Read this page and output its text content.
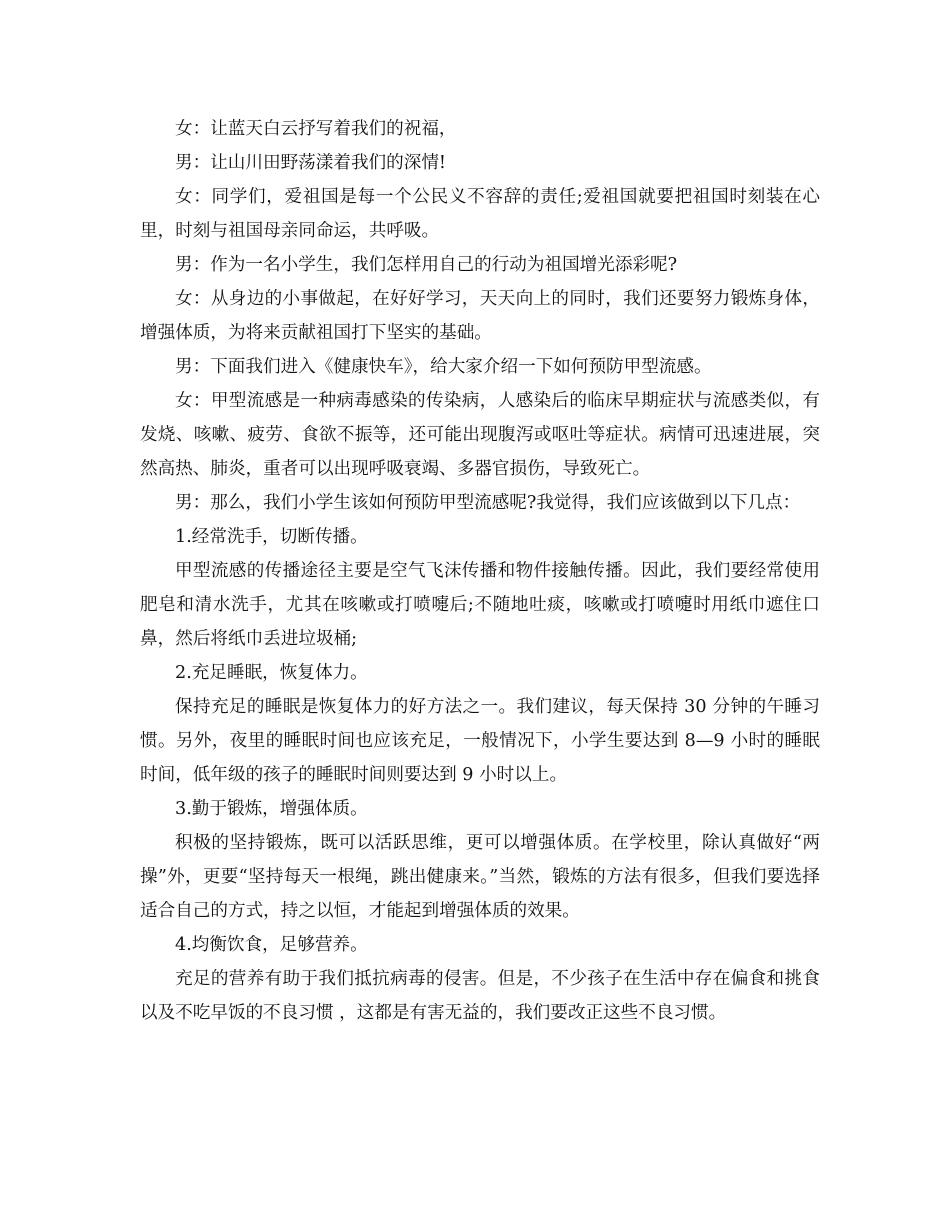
女：让蓝天白云抒写着我们的祝福，

男：让山川田野荡漾着我们的深情!

女：同学们，爱祖国是每一个公民义不容辞的责任;爱祖国就要把祖国时刻装在心里，时刻与祖国母亲同命运，共呼吸。

男：作为一名小学生，我们怎样用自己的行动为祖国增光添彩呢?

女：从身边的小事做起，在好好学习，天天向上的同时，我们还要努力锻炼身体，增强体质，为将来贡献祖国打下坚实的基础。

男：下面我们进入《健康快车》，给大家介绍一下如何预防甲型流感。

女：甲型流感是一种病毒感染的传染病，人感染后的临床早期症状与流感类似，有发烧、咳嗽、疲劳、食欲不振等，还可能出现腹泻或呕吐等症状。病情可迅速进展，突然高热、肺炎，重者可以出现呼吸衰竭、多器官损伤，导致死亡。

男：那么，我们小学生该如何预防甲型流感呢?我觉得，我们应该做到以下几点：

1.经常洗手，切断传播。

甲型流感的传播途径主要是空气飞沫传播和物件接触传播。因此，我们要经常使用肥皂和清水洗手，尤其在咳嗽或打喷嚏后;不随地吐痰，咳嗽或打喷嚏时用纸巾遮住口鼻，然后将纸巾丢进垃圾桶;

2.充足睡眠，恢复体力。

保持充足的睡眠是恢复体力的好方法之一。我们建议，每天保持 30 分钟的午睡习惯。另外，夜里的睡眠时间也应该充足，一般情况下，小学生要达到 8—9 小时的睡眠时间，低年级的孩子的睡眠时间则要达到 9 小时以上。

3.勤于锻炼，增强体质。

积极的坚持锻炼，既可以活跃思维，更可以增强体质。在学校里，除认真做好“两操”外，更要“坚持每天一根绳，跳出健康来。”当然，锻炼的方法有很多，但我们要选择适合自己的方式，持之以恒，才能起到增强体质的效果。

4.均衡饮食，足够营养。

充足的营养有助于我们抵抗病毒的侵害。但是，不少孩子在生活中存在偏食和挑食以及不吃早饭的不良习惯 ，这都是有害无益的，我们要改正这些不良习惯。
